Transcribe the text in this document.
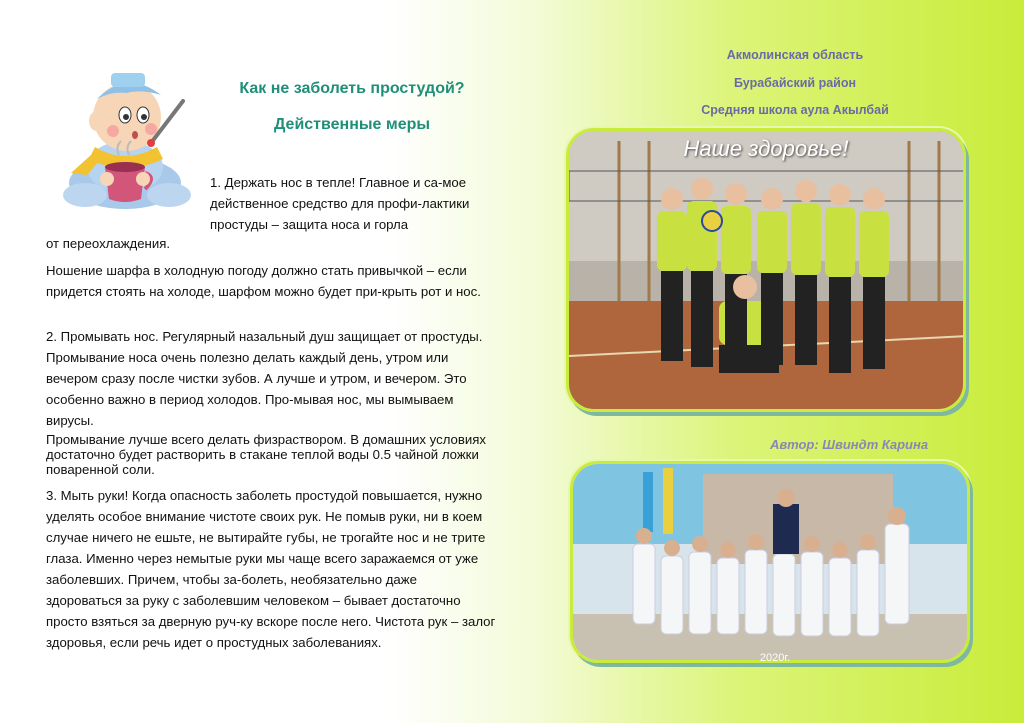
Как не заболеть простудой?
Действенные меры
1. Держать нос в тепле! Главное и са-мое действенное средство для профи-лактики простуды – защита носа и горла
от переохлаждения.
Ношение шарфа в холодную погоду должно стать привычкой – если придется стоять на холоде, шарфом можно будет при-крыть рот и нос.
2. Промывать нос. Регулярный назальный душ защищает от простуды. Промывание носа очень полезно делать каждый день, утром или вечером сразу после чистки зубов. А лучше и утром, и вечером. Это особенно важно в период холодов. Про-мывая нос, мы вымываем вирусы.
Промывание лучше всего делать физраствором. В домашних условиях достаточно будет растворить в стакане теплой воды 0.5 чайной ложки поваренной соли.
3. Мыть руки! Когда опасность заболеть простудой повышается, нужно уделять особое внимание чистоте своих рук. Не помыв руки, ни в коем случае ничего не ешьте, не вытирайте губы, не трогайте нос и не трите глаза. Именно через немытые руки мы чаще всего заражаемся от уже заболевших. Причем, чтобы за-болеть, необязательно даже здороваться за руку с заболевшим человеком – бывает достаточно просто взяться за дверную руч-ку вскоре после него. Чистота рук – залог здоровья, если речь идет о простудных заболеваниях.
Акмолинская область
Бурабайский район
Средняя школа аула Акылбай
Наше здоровье!
Автор: Швиндт Карина
2020г.
